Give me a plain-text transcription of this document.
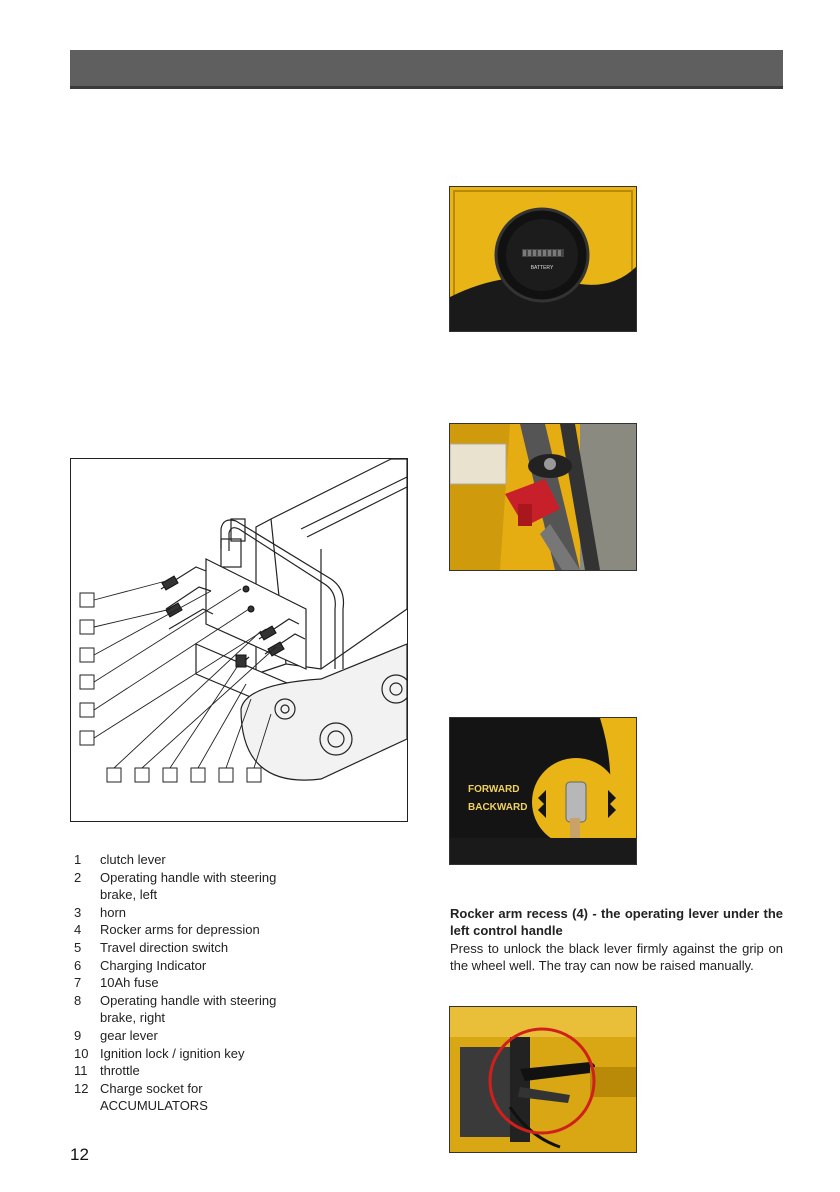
BATTERY
FORWARD
BACKWARD
1	clutch lever
2	Operating handle with steering
brake, left
3	horn
4	Rocker arms for depression
5	Travel direction switch
6	Charging Indicator
7	10Ah fuse
8	Operating handle with steering
brake, right
9	gear lever
10 Ignition lock / ignition key
11 throttle
12 Charge socket for
ACCUMULATORS
Rocker arm recess (4) - the operating lever under the left control handle
Press to unlock the black lever firmly against the grip on the wheel well. The tray can now be raised manually.
12
